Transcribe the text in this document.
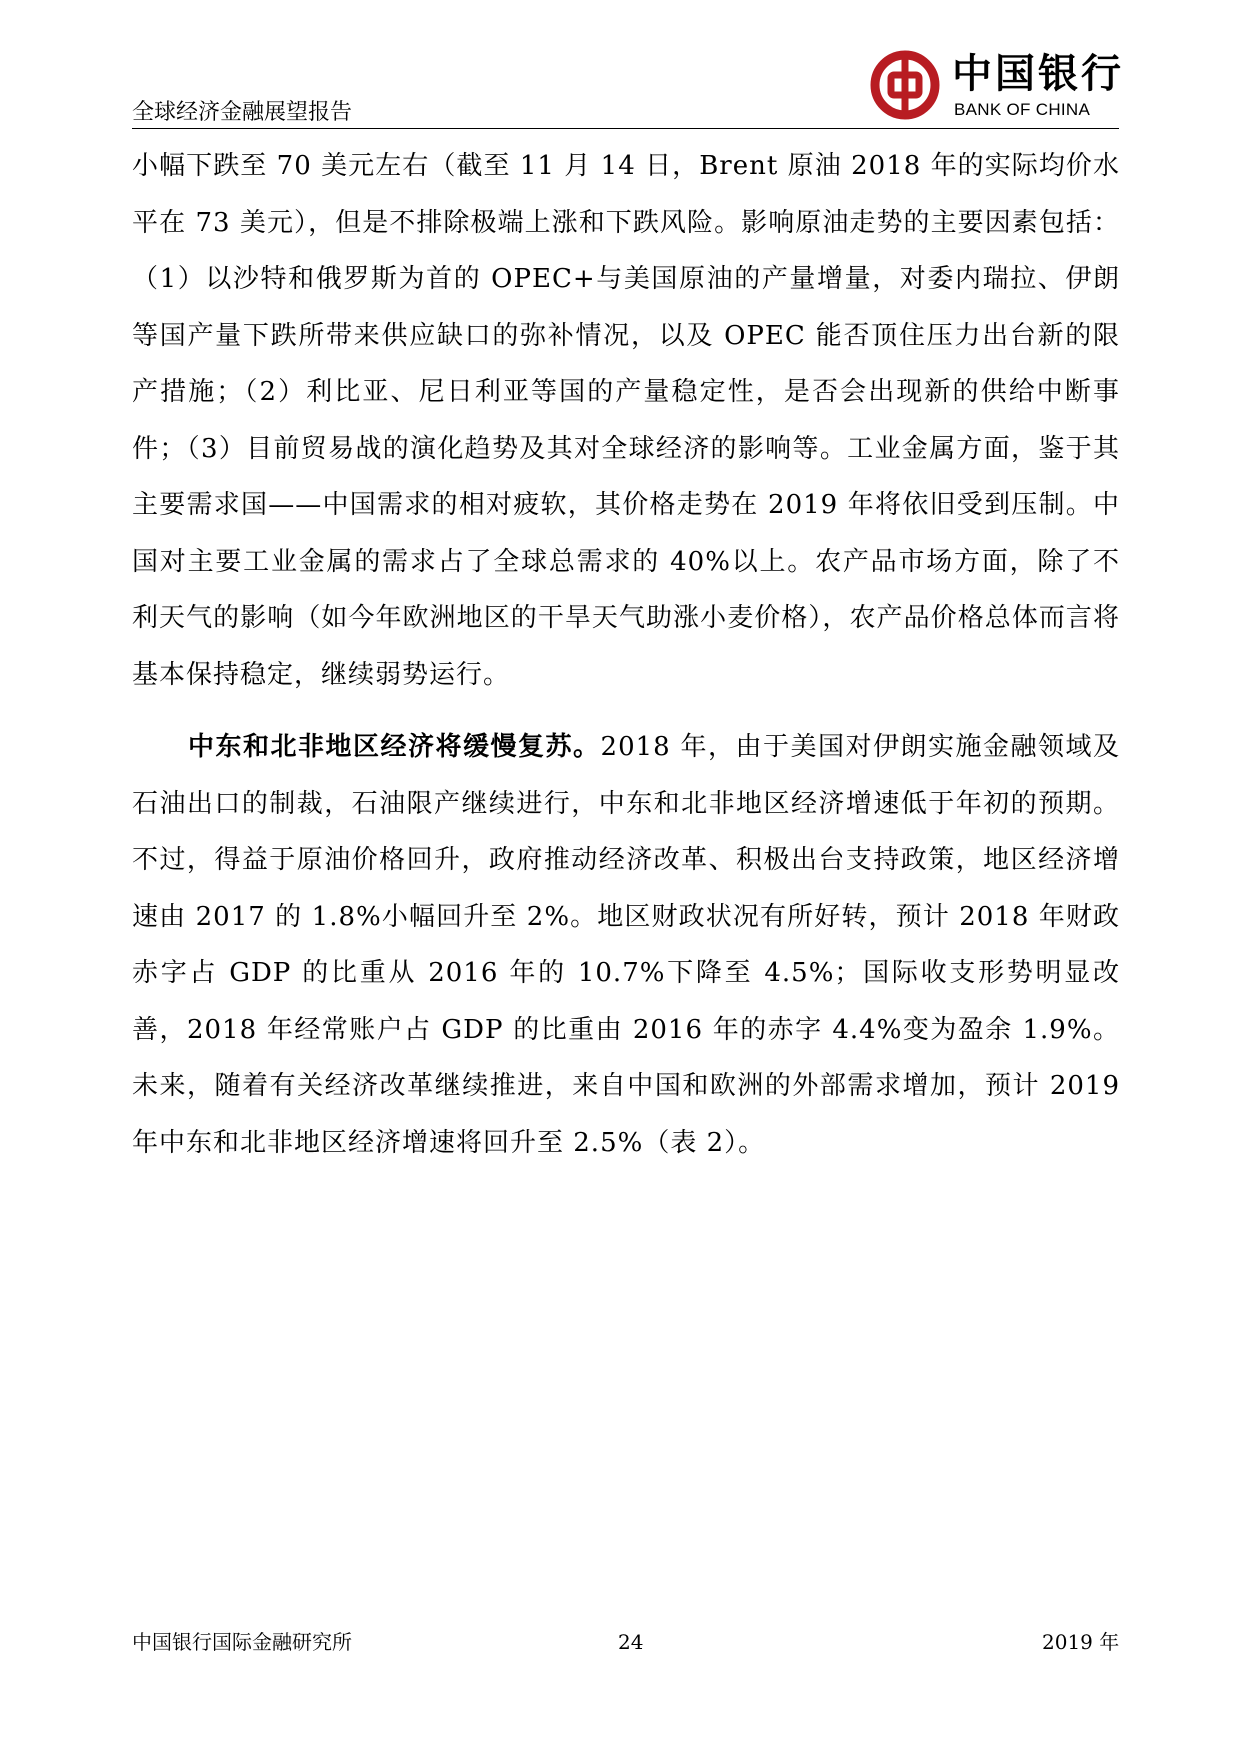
全球经济金融展望报告
中国银行
BANK OF CHINA

小幅下跌至 70 美元左右（截至 11 月 14 日，Brent 原油 2018 年的实际均价水平在 73 美元），但是不排除极端上涨和下跌风险。影响原油走势的主要因素包括：（1）以沙特和俄罗斯为首的 OPEC+与美国原油的产量增量，对委内瑞拉、伊朗等国产量下跌所带来供应缺口的弥补情况，以及 OPEC 能否顶住压力出台新的限产措施；（2）利比亚、尼日利亚等国的产量稳定性，是否会出现新的供给中断事件；（3）目前贸易战的演化趋势及其对全球经济的影响等。工业金属方面，鉴于其主要需求国——中国需求的相对疲软，其价格走势在 2019 年将依旧受到压制。中国对主要工业金属的需求占了全球总需求的 40%以上。农产品市场方面，除了不利天气的影响（如今年欧洲地区的干旱天气助涨小麦价格），农产品价格总体而言将基本保持稳定，继续弱势运行。

中东和北非地区经济将缓慢复苏。2018 年，由于美国对伊朗实施金融领域及石油出口的制裁，石油限产继续进行，中东和北非地区经济增速低于年初的预期。不过，得益于原油价格回升，政府推动经济改革、积极出台支持政策，地区经济增速由 2017 的 1.8%小幅回升至 2%。地区财政状况有所好转，预计 2018 年财政赤字占 GDP 的比重从 2016 年的 10.7%下降至 4.5%；国际收支形势明显改善，2018 年经常账户占 GDP 的比重由 2016 年的赤字 4.4%变为盈余 1.9%。未来，随着有关经济改革继续推进，来自中国和欧洲的外部需求增加，预计 2019 年中东和北非地区经济增速将回升至 2.5%（表 2）。

中国银行国际金融研究所	24	2019 年
